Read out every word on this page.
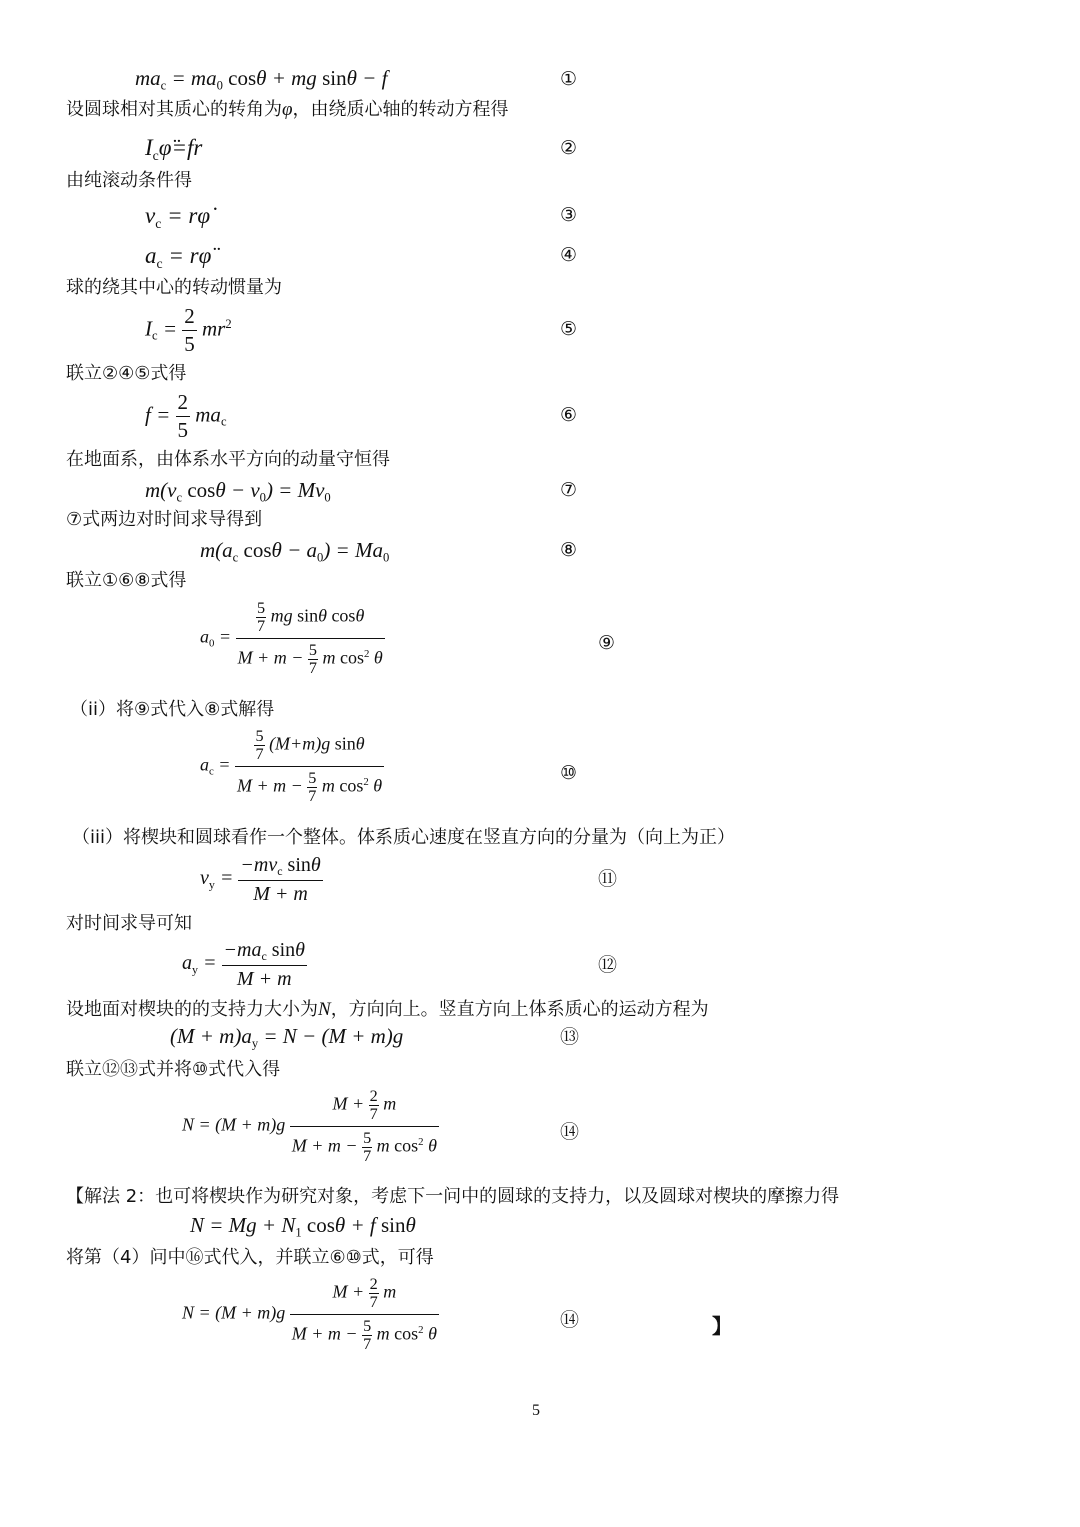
$ma_c = ma_0$ cosθ + mg sinθ − f	①
设圆球相对其质心的转角为φ，由绕质心轴的转动方程得
$I_c\varphï=fr$	②
由纯滚动条件得
$v_c$ = rφ̇	③
$a_c$ = rφ̈	④
球的绕其中心的转动惯量为
$I_c = \frac{2}{5} mr^2$	⑤
联立②④⑤式得
$f = \frac{2}{5} ma_c$	⑥
在地面系，由体系水平方向的动量守恒得
$m(v_c$ $\cos\theta - v_0) = Mv_0$	⑦
⑦式两边对时间求导得到
$m(a_c$ $\cos\theta - a_0) = Ma_0$	⑧
联立①⑥⑧式得
$a_0 = \frac{\frac{5}{7} mg \sin\theta \cos\theta}{M + m - \frac{5}{7} m \cos^2 \theta}$	⑨
（ii）将⑨式代入⑧式解得
$a_c = \frac{\frac{5}{7} (M+m)g \sin\theta}{M + m - \frac{5}{7} m \cos^2 \theta}$	⑩
（iii）将楔块和圆球看作一个整体。体系质心速度在竖直方向的分量为（向上为正）
$v_y = \frac{-mv_c \sin\theta}{M + m}$	⑪
对时间求导可知
$a_y = \frac{-ma_c \sin\theta}{M + m}$	⑫
设地面对楔块的的支持力大小为N，方向向上。竖直方向上体系质心的运动方程为
$(M + m)a_y = N - (M + m)g$	⑬
联立⑫⑬式并将⑩式代入得
$N = (M + m)g \frac{M + \frac{2}{7} m}{M + m - \frac{5}{7} m \cos^2 \theta}$	⑭
【解法 2：也可将楔块作为研究对象，考虑下一问中的圆球的支持力，以及圆球对楔块的摩擦力得
$N = Mg + N_1$ cosθ + f sinθ
将第（4）问中⑯式代入，并联立⑥⑩式，可得
$N = (M + m)g \frac{M + \frac{2}{7} m}{M + m - \frac{5}{7} m \cos^2 \theta}$	⑭	】
5
